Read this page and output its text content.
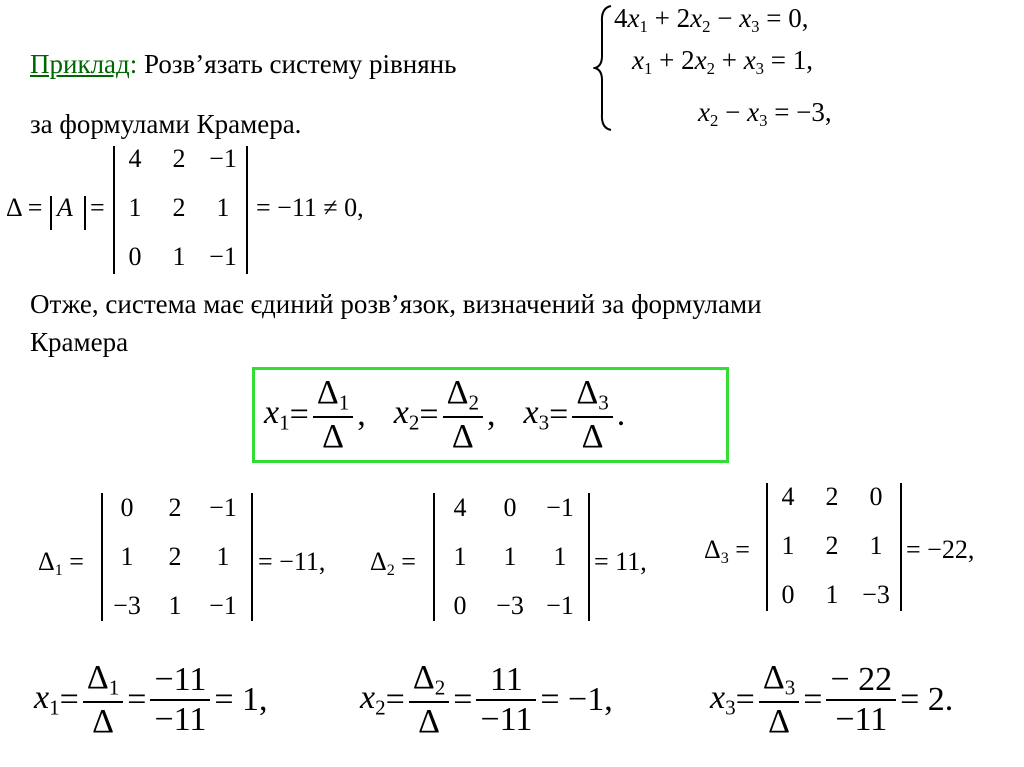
Приклад: Розв’язать систему рівнянь
за формулами Крамера.
$4x_1 + 2x_2 - x_3 = 0$,
$x_1 + 2x_2 + x_3 = 1$,
$x_2 - x_3 = -3$,
Δ = A =
4	2 −1
1	2	1
0	1 −1
= −11 ≠ 0,
Отже, система має єдиний розв’язок, визначений за формулами
Крамера
$x_1 = \frac{\Delta_1}{\Delta}$ , $x_2 = \frac{\Delta_2}{\Delta}$ , $x_3 = \frac{\Delta_3}{\Delta}$ .
$\Delta_1$ =
0	2	−1
1	2	1
−3	1	−1
= −11, $\Delta_2$ =
4	0	−1
1	1	1
0	−3 −1
= 11, $\Delta_3$ =
4	2	0
1	2	1
0	1 −3
= −22,
$x_1 = \frac{\Delta_1}{\Delta} = \frac{-11}{-11} = 1$,	$x_2 = \frac{\Delta_2}{\Delta} = \frac{11}{-11} = -1$,	$x_3 = \frac{\Delta_3}{\Delta} = \frac{- 22}{-11} = 2$.
